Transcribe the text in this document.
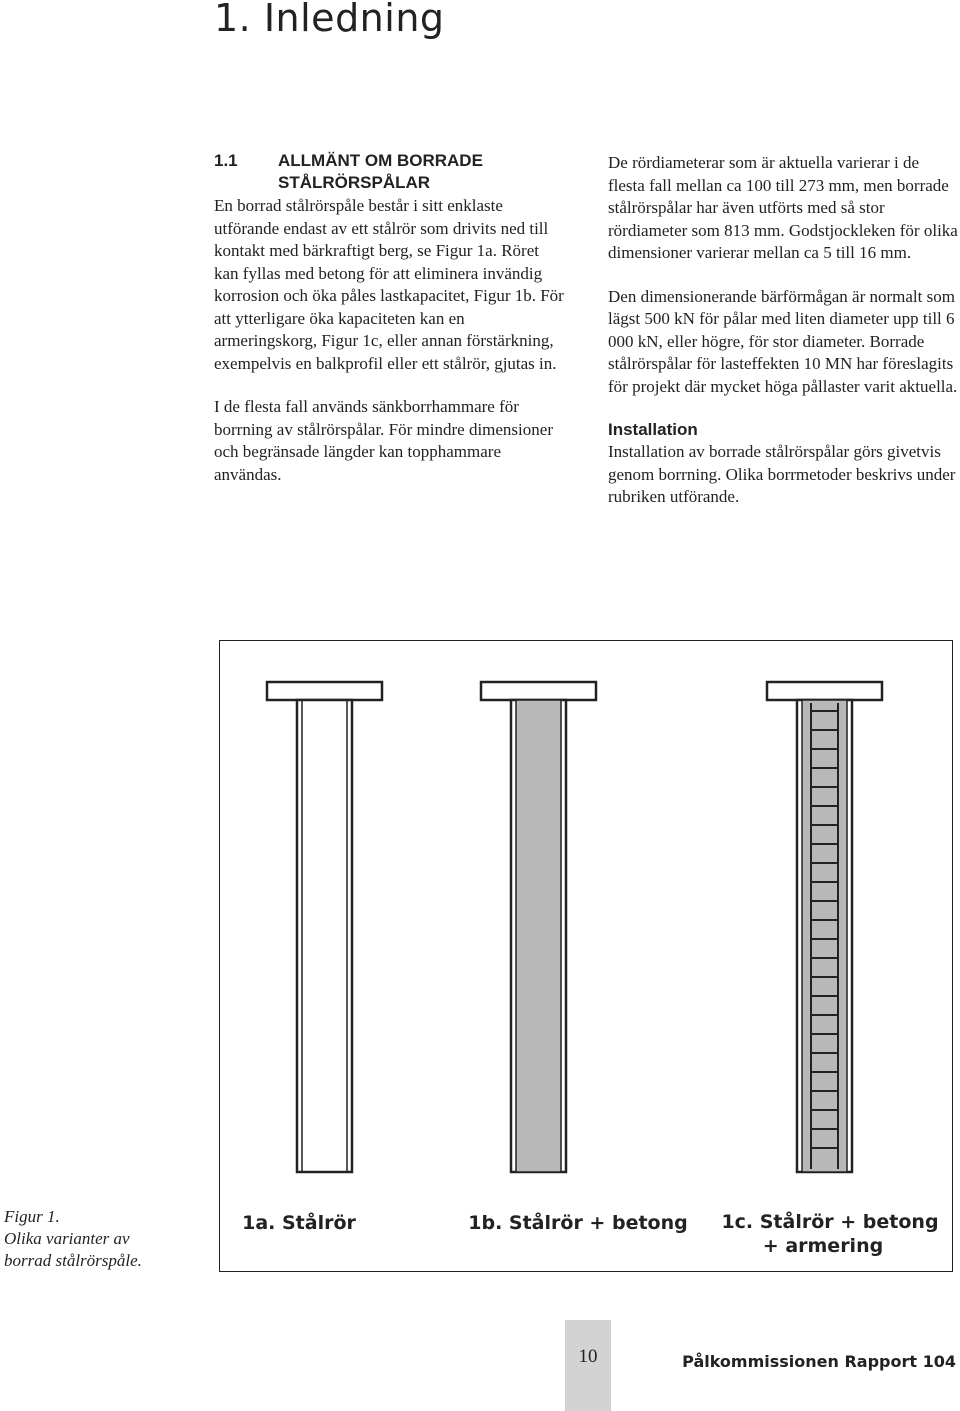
1. Inledning
1.1 ALLMÄNT OM BORRADE
STÅLRÖRSPÅLAR

En borrad stålrörspåle består i sitt enklaste utförande endast av ett stålrör som drivits ned till kontakt med bärkraftigt berg, se Figur 1a. Röret kan fyllas med betong för att eliminera invändig korrosion och öka påles lastkapacitet, Figur 1b. För att ytterligare öka kapaciteten kan en armeringskorg, Figur 1c, eller annan förstärkning, exempelvis en balkprofil eller ett stålrör, gjutas in.

I de flesta fall används sänkborrhammare för borrning av stålrörspålar. För mindre dimensioner och begränsade längder kan topphammare användas.

De rördiameterar som är aktuella varierar i de flesta fall mellan ca 100 till 273 mm, men borrade stålrörspålar har även utförts med så stor rördiameter som 813 mm. Godstjockleken för olika dimensioner varierar mellan ca 5 till 16 mm.

Den dimensionerande bärförmågan är normalt som lägst 500 kN för pålar med liten diameter upp till 6 000 kN, eller högre, för stor diameter. Borrade stålrörspålar för lasteffekten 10 MN har föreslagits för projekt där mycket höga pållaster varit aktuella.

Installation

Installation av borrade stålrörspålar görs givetvis genom borrning. Olika borrmetoder beskrivs under rubriken utförande.

1a. Stålrör	1b. Stålrör + betong	1c. Stålrör + betong
+ armering
Figur 1.
Olika varianter av borrad stålrörspåle.
10	Pålkommissionen Rapport 104
